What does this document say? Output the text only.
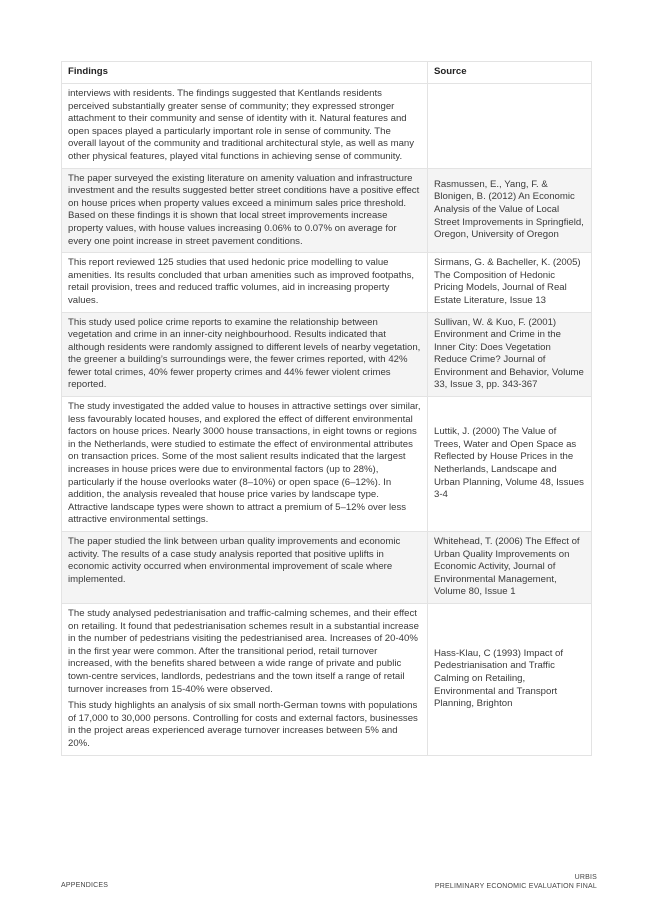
Findings	Source

interviews with residents. The findings suggested that Kentlands residents perceived substantially greater sense of community; they expressed stronger attachment to their community and sense of identity with it. Natural features and open spaces played a particularly important role in sense of community. The overall layout of the community and traditional architectural style, as well as many other physical features, played vital functions in achieving sense of community.	

The paper surveyed the existing literature on amenity valuation and infrastructure investment and the results suggested better street conditions have a positive effect on house prices when property values exceed a minimum sales price threshold. Based on these findings it is shown that local street improvements increase property values, with house values increasing 0.06% to 0.07% on average for every one point increase in street pavement conditions.	Rasmussen, E., Yang, F. & Blonigen, B. (2012) An Economic Analysis of the Value of Local Street Improvements in Springfield, Oregon, University of Oregon

This report reviewed 125 studies that used hedonic price modelling to value amenities. Its results concluded that urban amenities such as improved footpaths, retail provision, trees and reduced traffic volumes, aid in increasing property values.	Sirmans, G. & Bacheller, K. (2005) The Composition of Hedonic Pricing Models, Journal of Real Estate Literature, Issue 13

This study used police crime reports to examine the relationship between vegetation and crime in an inner-city neighbourhood. Results indicated that although residents were randomly assigned to different levels of nearby vegetation, the greener a building’s surroundings were, the fewer crimes reported, with 42% fewer total crimes, 40% fewer property crimes and 44% fewer violent crimes reported.	Sullivan, W. & Kuo, F. (2001) Environment and Crime in the Inner City: Does Vegetation Reduce Crime? Journal of Environment and Behavior, Volume 33, Issue 3, pp. 343-367

The study investigated the added value to houses in attractive settings over similar, less favourably located houses, and explored the effect of different environmental factors on house prices. Nearly 3000 house transactions, in eight towns or regions in the Netherlands, were studied to estimate the effect of environmental attributes on transaction prices. Some of the most salient results indicated that the largest increases in house prices were due to environmental factors (up to 28%), particularly if the house overlooks water (8–10%) or open space (6–12%). In addition, the analysis revealed that house price varies by landscape type. Attractive landscape types were shown to attract a premium of 5–12% over less attractive environmental settings.	Luttik, J. (2000) The Value of Trees, Water and Open Space as Reflected by House Prices in the Netherlands, Landscape and Urban Planning, Volume 48, Issues 3-4

The paper studied the link between urban quality improvements and economic activity. The results of a case study analysis reported that positive uplifts in economic activity occurred when environmental improvement of scale where implemented.	Whitehead, T. (2006) The Effect of Urban Quality Improvements on Economic Activity, Journal of Environmental Management, Volume 80, Issue 1

The study analysed pedestrianisation and traffic-calming schemes, and their effect on retailing. It found that pedestrianisation schemes result in a substantial increase in the number of pedestrians visiting the pedestrianised area. Increases of 20-40% in the first year were common. After the transitional period, retail turnover increased, with the benefits shared between a wide range of private and public town-centre services, landlords, pedestrians and the town itself a range of retail turnover increases from 15-40% were observed.

This study highlights an analysis of six small north-German towns with populations of 17,000 to 30,000 persons. Controlling for costs and external factors, businesses in the project areas experienced average turnover increases between 5% and 20%.	Hass-Klau, C (1993) Impact of Pedestrianisation and Traffic Calming on Retailing, Environmental and Transport Planning, Brighton
APPENDICES
URBIS
PRELIMINARY ECONOMIC EVALUATION FINAL
